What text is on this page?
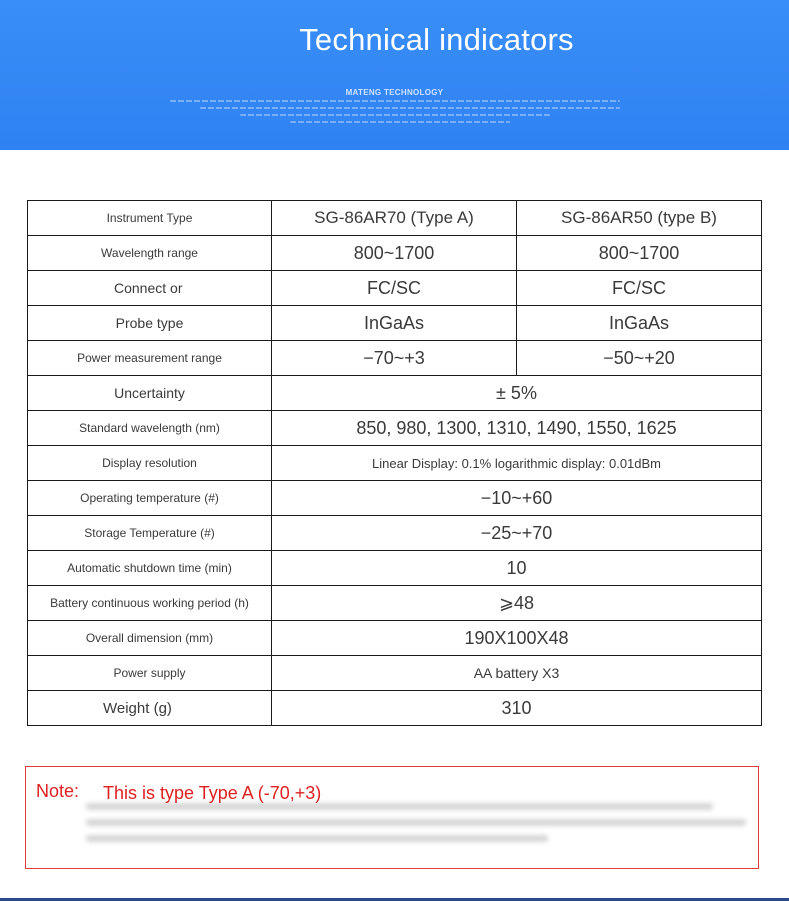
Technical indicators
MATENG TECHNOLOGY
Instrument Type	SG-86AR70 (Type A)	SG-86AR50 (type B)
Wavelength range	800~1700	800~1700
Connect or	FC/SC	FC/SC
Probe type	InGaAs	InGaAs
Power measurement range	−70~+3	−50~+20
Uncertainty	± 5%	
Standard wavelength (nm)	850, 980, 1300, 1310, 1490, 1550, 1625	
Display resolution	Linear Display: 0.1% logarithmic display: 0.01dBm	
Operating temperature (#)	−10~+60	
Storage Temperature (#)	−25~+70	
Automatic shutdown time (min)	10	
Battery continuous working period (h)	⩾48	
Overall dimension (mm)	190X100X48	
Power supply	AA battery X3	
Weight (g)	310	
Note: This is type Type A (-70,+3)
